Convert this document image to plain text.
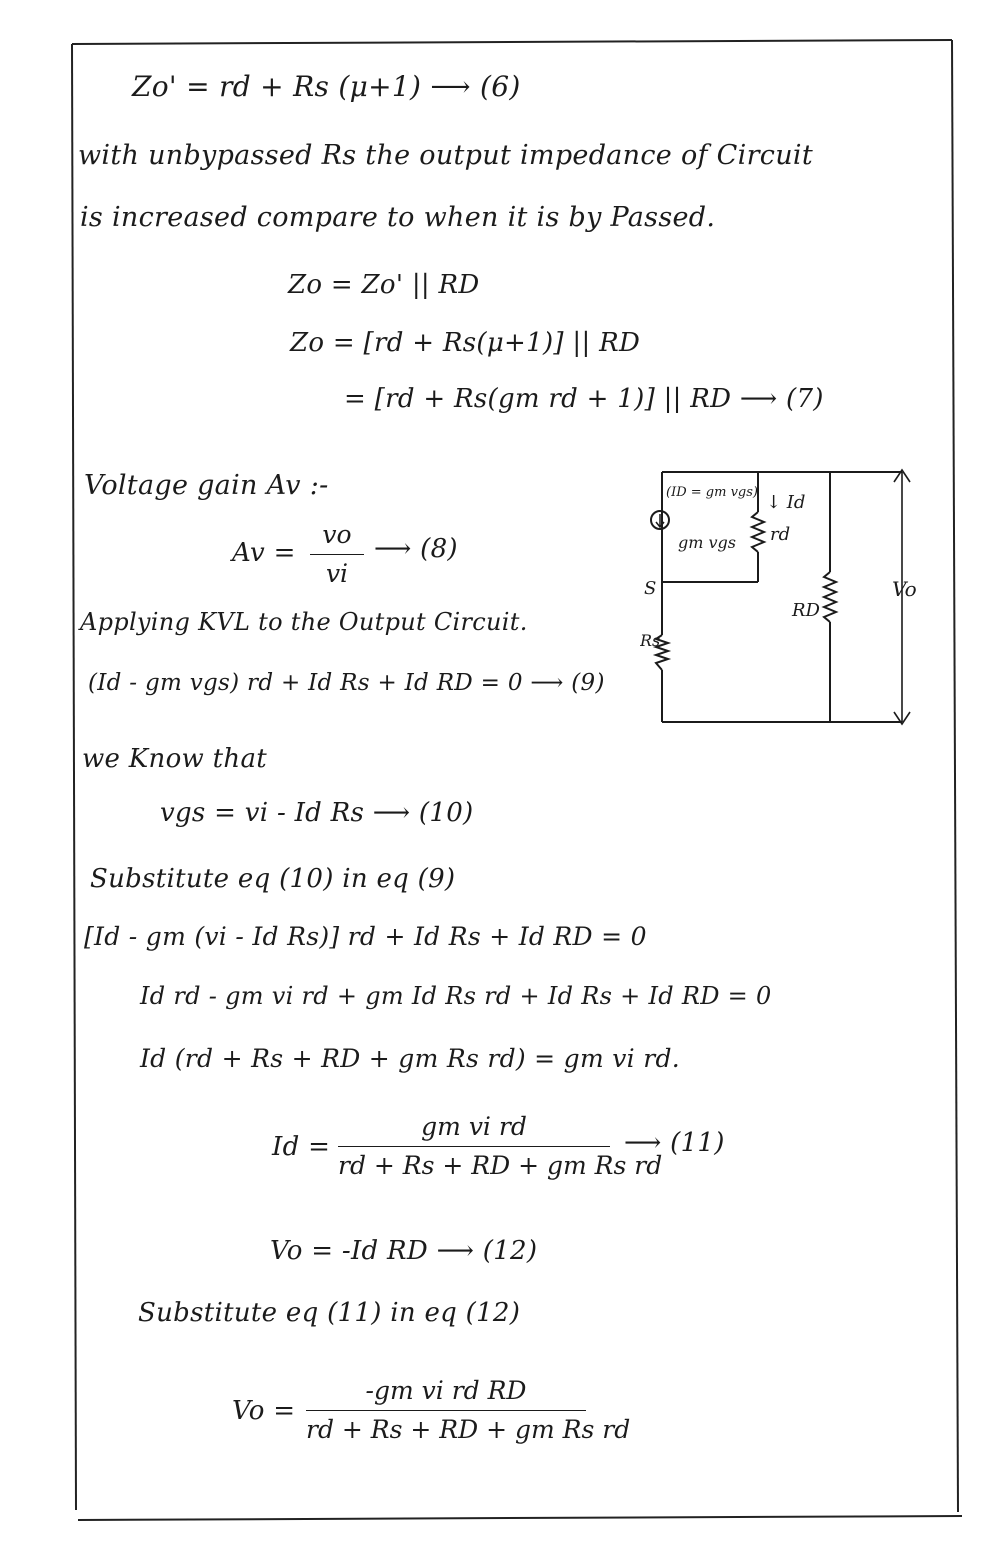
Zo' = rd + Rs (μ+1) ⟶ (6)
with unbypassed Rs the output impedance of Circuit
is increased compare to when it is by Passed.
Zo = Zo' || RD
Zo = [rd + Rs(μ+1)] || RD
= [rd + Rs(gm rd + 1)] || RD ⟶ (7)
Voltage gain Av :-
Av =
vo
vi
⟶ (8)
Applying KVL to the Output Circuit.
(Id - gm vgs) rd + Id Rs + Id RD = 0 ⟶ (9)
we Know that
vgs = vi - Id Rs ⟶ (10)
Substitute eq (10) in eq (9)
[Id - gm (vi - Id Rs)] rd + Id Rs + Id RD = 0
Id rd - gm vi rd + gm Id Rs rd + Id Rs + Id RD = 0
Id (rd + Rs + RD + gm Rs rd) = gm vi rd.
Id =
gm vi rd
rd + Rs + RD + gm Rs rd
⟶ (11)
Vo = -Id RD ⟶ (12)
Substitute eq (11) in eq (12)
Vo =
-gm vi rd RD
rd + Rs + RD + gm Rs rd
(ID = gm vgs) ↓ Id
gm vgs rd
S
Rs
RD
Vo
